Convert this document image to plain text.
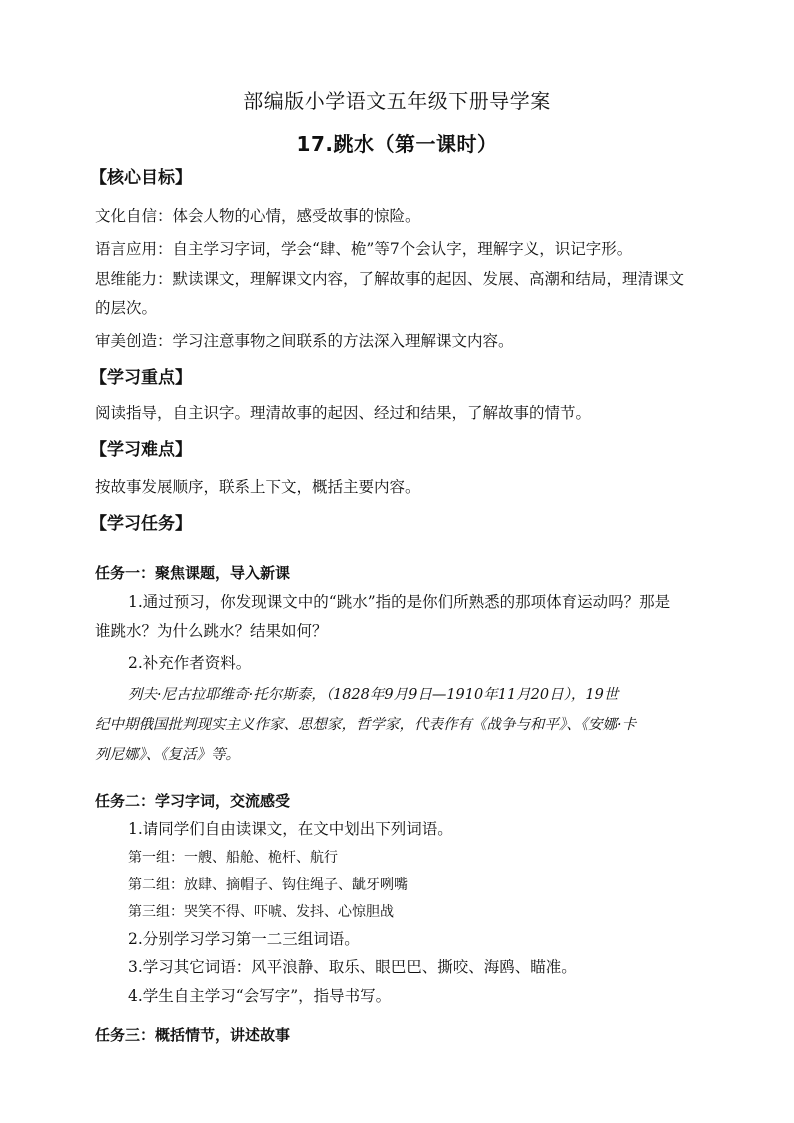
部编版小学语文五年级下册导学案
17.跳水（第一课时）
【核心目标】
文化自信：体会人物的心情，感受故事的惊险。
语言应用：自主学习字词，学会“肆、桅”等7个会认字，理解字义，识记字形。
思维能力：默读课文，理解课文内容，了解故事的起因、发展、高潮和结局，理清课文
的层次。
审美创造：学习注意事物之间联系的方法深入理解课文内容。
【学习重点】
阅读指导，自主识字。理清故事的起因、经过和结果，了解故事的情节。
【学习难点】
按故事发展顺序，联系上下文，概括主要内容。
【学习任务】
任务一：聚焦课题，导入新课
1.通过预习，你发现课文中的“跳水”指的是你们所熟悉的那项体育运动吗？那是
谁跳水？为什么跳水？结果如何？
2.补充作者资料。
列夫·尼古拉耶维奇·托尔斯泰，（1828年9月9日—1910年11月20日），19世
纪中期俄国批判现实主义作家、思想家，哲学家，代表作有《战争与和平》、《安娜·卡
列尼娜》、《复活》等。
任务二：学习字词，交流感受
1.请同学们自由读课文，在文中划出下列词语。
第一组：一艘、船舱、桅杆、航行
第二组：放肆、摘帽子、钩住绳子、龇牙咧嘴
第三组：哭笑不得、吓唬、发抖、心惊胆战
2.分别学习学习第一二三组词语。
3.学习其它词语：风平浪静、取乐、眼巴巴、撕咬、海鸥、瞄准。
4.学生自主学习“会写字”，指导书写。
任务三：概括情节，讲述故事
